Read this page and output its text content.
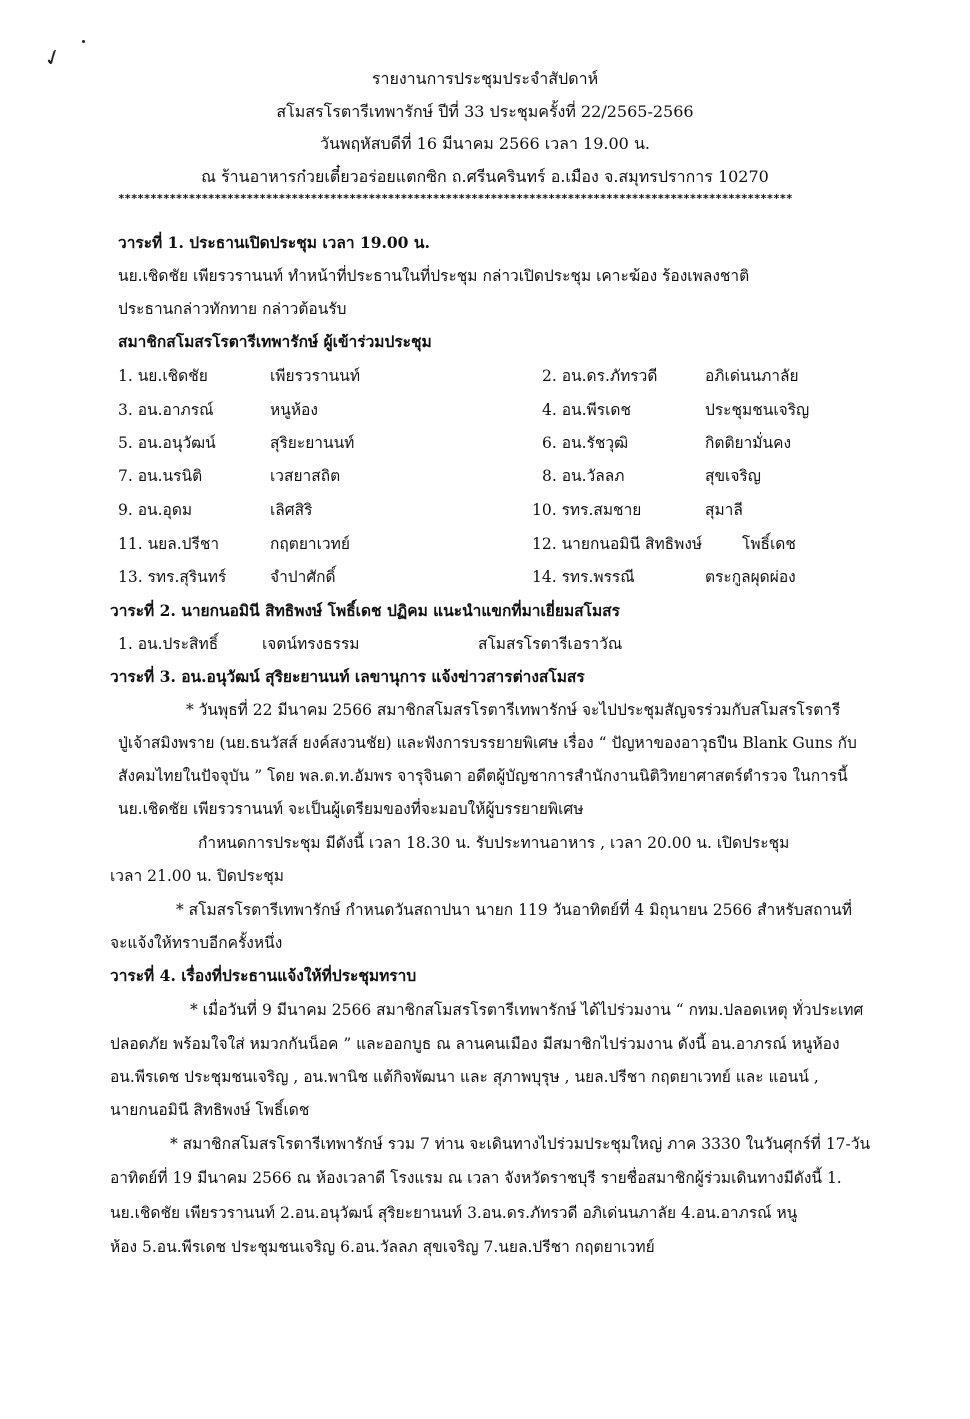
✓
รายงานการประชุมประจำสัปดาห์
สโมสรโรตารีเทพารักษ์ ปีที่ 33 ประชุมครั้งที่ 22/2565-2566
วันพฤหัสบดีที่ 16 มีนาคม 2566 เวลา 19.00 น.
ณ ร้านอาหารก๋วยเตี๋ยวอร่อยแตกซิก ถ.ศรีนครินทร์ อ.เมือง จ.สมุทรปราการ 10270
*********************************************************************************************************
วาระที่ 1. ประธานเปิดประชุม เวลา 19.00 น.
นย.เชิดชัย เพียรวรานนท์ ทำหน้าที่ประธานในที่ประชุม กล่าวเปิดประชุม เคาะฆ้อง ร้องเพลงชาติ
ประธานกล่าวทักทาย กล่าวต้อนรับ
สมาชิกสโมสรโรตารีเทพารักษ์ ผู้เข้าร่วมประชุม
1. นย.เชิดชัย	เพียรวรานนท์	2. อน.ดร.ภัทรวดี	อภิเด่นนภาลัย
3. อน.อาภรณ์	หนูห้อง	4. อน.พีรเดช	ประชุมชนเจริญ
5. อน.อนุวัฒน์	สุริยะยานนท์	6. อน.รัชวุฒิ	กิตติยามั่นคง
7. อน.นรนิติ	เวสยาสถิต	8. อน.วัลลภ	สุขเจริญ
9. อน.อุดม	เลิศสิริ	10. รทร.สมชาย	สุมาลี
11. นยล.ปรีชา	กฤตยาเวทย์	12. นายกนอมินี สิทธิพงษ์	โพธิ์เดช
13. รทร.สุรินทร์	จำปาศักดิ์	14. รทร.พรรณี	ตระกูลผุดผ่อง
วาระที่ 2. นายกนอมินี สิทธิพงษ์ โพธิ์เดช ปฏิคม แนะนำแขกที่มาเยี่ยมสโมสร
1. อน.ประสิทธิ์	เจตน์ทรงธรรม	สโมสรโรตารีเอราวัณ
วาระที่ 3. อน.อนุวัฒน์ สุริยะยานนท์ เลขานุการ แจ้งข่าวสารต่างสโมสร
* วันพุธที่ 22 มีนาคม 2566 สมาชิกสโมสรโรตารีเทพารักษ์ จะไปประชุมสัญจรร่วมกับสโมสรโรตารี
ปู่เจ้าสมิงพราย (นย.ธนวัสส์ ยงค์สงวนชัย) และฟังการบรรยายพิเศษ เรื่อง “ ปัญหาของอาวุธปืน Blank Guns กับ
สังคมไทยในปัจจุบัน ” โดย พล.ต.ท.อัมพร จารุจินดา อดีตผู้บัญชาการสำนักงานนิติวิทยาศาสตร์ตำรวจ ในการนี้
นย.เชิดชัย เพียรวรานนท์ จะเป็นผู้เตรียมของที่จะมอบให้ผู้บรรยายพิเศษ
กำหนดการประชุม มีดังนี้ เวลา 18.30 น. รับประทานอาหาร , เวลา 20.00 น. เปิดประชุม
เวลา 21.00 น. ปิดประชุม
* สโมสรโรตารีเทพารักษ์ กำหนดวันสถาปนา นายก 119 วันอาทิตย์ที่ 4 มิถุนายน 2566 สำหรับสถานที่
จะแจ้งให้ทราบอีกครั้งหนึ่ง
วาระที่ 4. เรื่องที่ประธานแจ้งให้ที่ประชุมทราบ
* เมื่อวันที่ 9 มีนาคม 2566 สมาชิกสโมสรโรตารีเทพารักษ์ ได้ไปร่วมงาน “ กทม.ปลอดเหตุ ทั่วประเทศ
ปลอดภัย พร้อมใจใส่ หมวกกันน็อค ” และออกบูธ ณ ลานคนเมือง มีสมาชิกไปร่วมงาน ดังนี้ อน.อาภรณ์ หนูห้อง
อน.พีรเดช ประชุมชนเจริญ , อน.พานิช แต้กิจพัฒนา และ สุภาพบุรุษ , นยล.ปรีชา กฤตยาเวทย์ และ แอนน์ ,
นายกนอมินี สิทธิพงษ์ โพธิ์เดช
* สมาชิกสโมสรโรตารีเทพารักษ์ รวม 7 ท่าน จะเดินทางไปร่วมประชุมใหญ่ ภาค 3330 ในวันศุกร์ที่ 17-วัน
อาทิตย์ที่ 19 มีนาคม 2566 ณ ห้องเวลาดี โรงแรม ณ เวลา จังหวัดราชบุรี รายชื่อสมาชิกผู้ร่วมเดินทางมีดังนี้ 1.
นย.เชิดชัย เพียรวรานนท์ 2.อน.อนุวัฒน์ สุริยะยานนท์ 3.อน.ดร.ภัทรวดี อภิเด่นนภาลัย 4.อน.อาภรณ์ หนู
ห้อง 5.อน.พีรเดช ประชุมชนเจริญ 6.อน.วัลลภ สุขเจริญ 7.นยล.ปรีชา กฤตยาเวทย์
